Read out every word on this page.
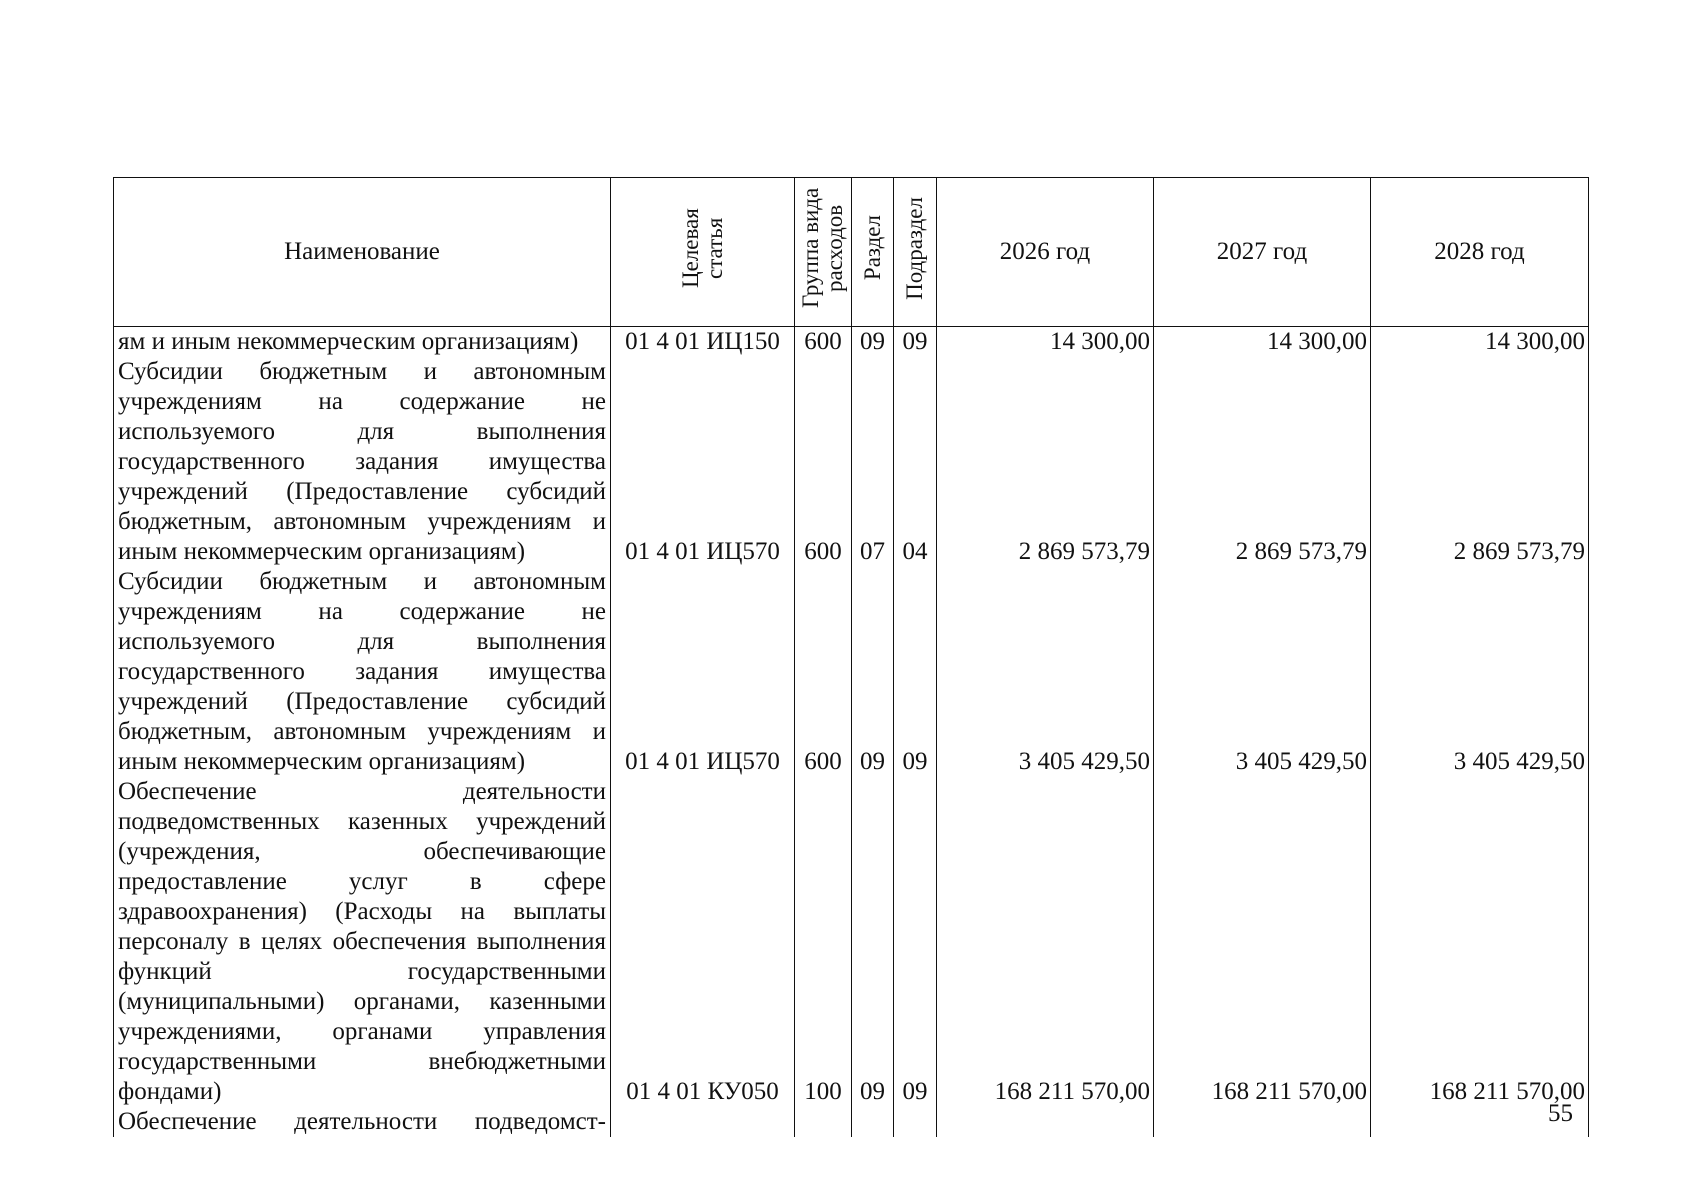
Наименование	Целевая статья	Группа вида расходов	Раздел	Подраздел	2026 год	2027 год	2028 год
ям и иным некоммерческим организациям)	01 4 01 ИЦ150	600	09	09	14 300,00	14 300,00	14 300,00
Субсидии бюджетным и автономным учреждениям на содержание не используемого для выполнения государственного задания имущества учреждений (Предоставление субсидий бюджетным, автономным учреждениям и иным некоммерческим организациям)	01 4 01 ИЦ570	600	07	04	2 869 573,79	2 869 573,79	2 869 573,79
Субсидии бюджетным и автономным учреждениям на содержание не используемого для выполнения государственного задания имущества учреждений (Предоставление субсидий бюджетным, автономным учреждениям и иным некоммерческим организациям)	01 4 01 ИЦ570	600	09	09	3 405 429,50	3 405 429,50	3 405 429,50
Обеспечение деятельности подведомственных казенных учреждений (учреждения, обеспечивающие предоставление услуг в сфере здравоохранения) (Расходы на выплаты персоналу в целях обеспечения выполнения функций государственными (муниципальными) органами, казенными учреждениями, органами управления государственными внебюджетными фондами)	01 4 01 КУ050	100	09	09	168 211 570,00	168 211 570,00	168 211 570,00
Обеспечение деятельности подведомст-								55
